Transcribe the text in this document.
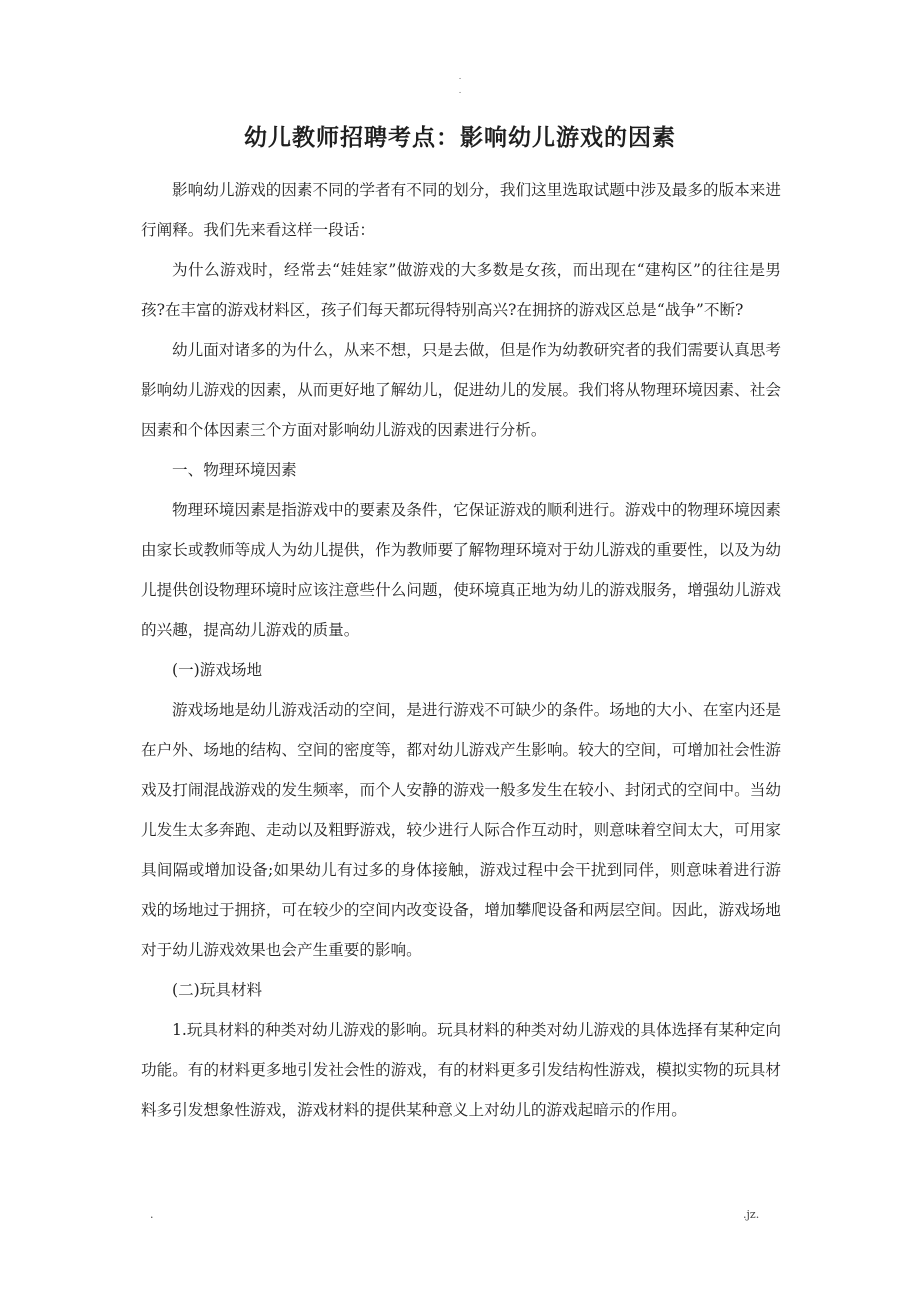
.
.
幼儿教师招聘考点：影响幼儿游戏的因素

影响幼儿游戏的因素不同的学者有不同的划分，我们这里选取试题中涉及最多的版本来进行阐释。我们先来看这样一段话：

为什么游戏时，经常去“娃娃家”做游戏的大多数是女孩，而出现在“建构区”的往往是男孩?在丰富的游戏材料区，孩子们每天都玩得特别高兴?在拥挤的游戏区总是“战争”不断?

幼儿面对诸多的为什么，从来不想，只是去做，但是作为幼教研究者的我们需要认真思考影响幼儿游戏的因素，从而更好地了解幼儿，促进幼儿的发展。我们将从物理环境因素、社会因素和个体因素三个方面对影响幼儿游戏的因素进行分析。

一、物理环境因素

物理环境因素是指游戏中的要素及条件，它保证游戏的顺利进行。游戏中的物理环境因素由家长或教师等成人为幼儿提供，作为教师要了解物理环境对于幼儿游戏的重要性，以及为幼儿提供创设物理环境时应该注意些什么问题，使环境真正地为幼儿的游戏服务，增强幼儿游戏的兴趣，提高幼儿游戏的质量。

(一)游戏场地

游戏场地是幼儿游戏活动的空间，是进行游戏不可缺少的条件。场地的大小、在室内还是在户外、场地的结构、空间的密度等，都对幼儿游戏产生影响。较大的空间，可增加社会性游戏及打闹混战游戏的发生频率，而个人安静的游戏一般多发生在较小、封闭式的空间中。当幼儿发生太多奔跑、走动以及粗野游戏，较少进行人际合作互动时，则意味着空间太大，可用家具间隔或增加设备;如果幼儿有过多的身体接触，游戏过程中会干扰到同伴，则意味着进行游戏的场地过于拥挤，可在较少的空间内改变设备，增加攀爬设备和两层空间。因此，游戏场地对于幼儿游戏效果也会产生重要的影响。

(二)玩具材料

1.玩具材料的种类对幼儿游戏的影响。玩具材料的种类对幼儿游戏的具体选择有某种定向功能。有的材料更多地引发社会性的游戏，有的材料更多引发结构性游戏，模拟实物的玩具材料多引发想象性游戏，游戏材料的提供某种意义上对幼儿的游戏起暗示的作用。

.	.jz.
